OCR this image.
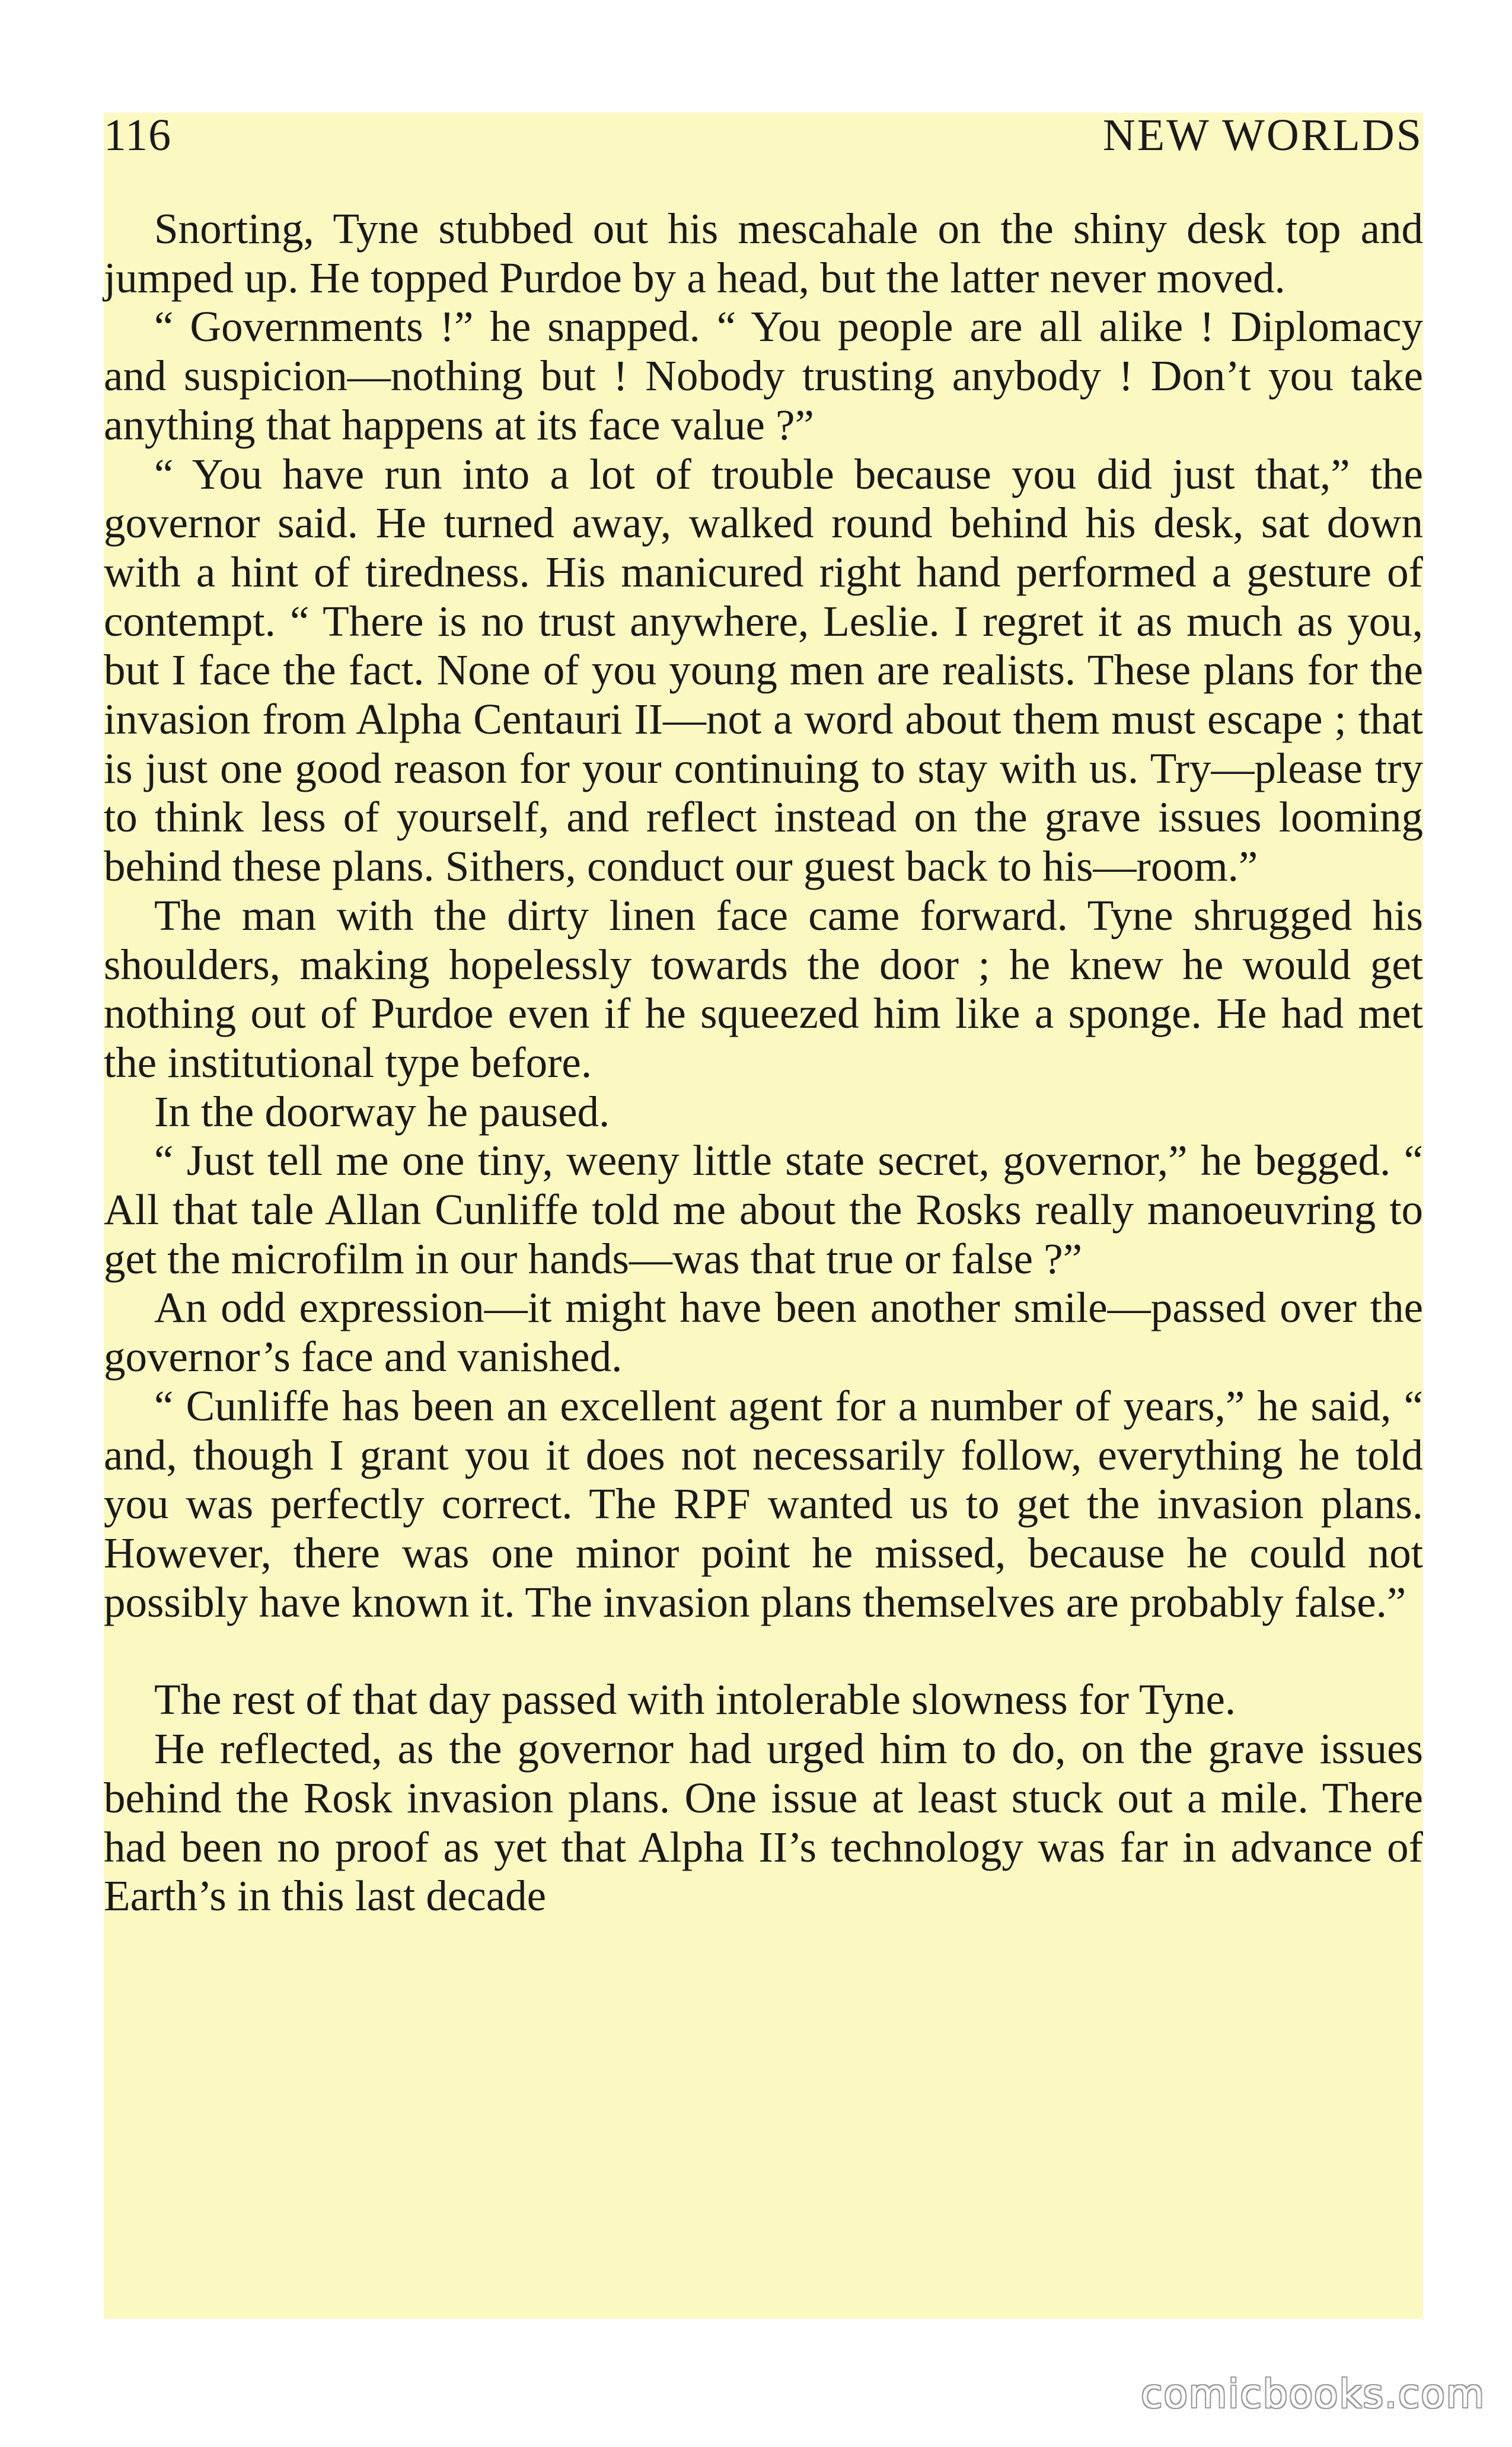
116	NEW WORLDS

Snorting, Tyne stubbed out his mescahale on the shiny desk top and jumped up. He topped Purdoe by a head, but the latter never moved.

“ Governments !” he snapped. “ You people are all alike ! Diplomacy and suspicion—nothing but ! Nobody trusting anybody ! Don’t you take anything that happens at its face value ?”

“ You have run into a lot of trouble because you did just that,” the governor said. He turned away, walked round behind his desk, sat down with a hint of tiredness. His manicured right hand performed a gesture of contempt. “ There is no trust anywhere, Leslie. I regret it as much as you, but I face the fact. None of you young men are realists. These plans for the invasion from Alpha Centauri II—not a word about them must escape ; that is just one good reason for your continuing to stay with us. Try—please try to think less of yourself, and reflect instead on the grave issues looming behind these plans. Sithers, conduct our guest back to his—room.”

The man with the dirty linen face came forward. Tyne shrugged his shoulders, making hopelessly towards the door ; he knew he would get nothing out of Purdoe even if he squeezed him like a sponge. He had met the institutional type before.

In the doorway he paused.

“ Just tell me one tiny, weeny little state secret, governor,” he begged. “ All that tale Allan Cunliffe told me about the Rosks really manoeuvring to get the microfilm in our hands—was that true or false ?”

An odd expression—it might have been another smile—passed over the governor’s face and vanished.

“ Cunliffe has been an excellent agent for a number of years,” he said, “ and, though I grant you it does not necessarily follow, everything he told you was perfectly correct. The RPF wanted us to get the invasion plans. However, there was one minor point he missed, because he could not possibly have known it. The invasion plans themselves are probably false.”

The rest of that day passed with intolerable slowness for Tyne.

He reflected, as the governor had urged him to do, on the grave issues behind the Rosk invasion plans. One issue at least stuck out a mile. There had been no proof as yet that Alpha II’s technology was far in advance of Earth’s in this last decade

comicbooks.com
